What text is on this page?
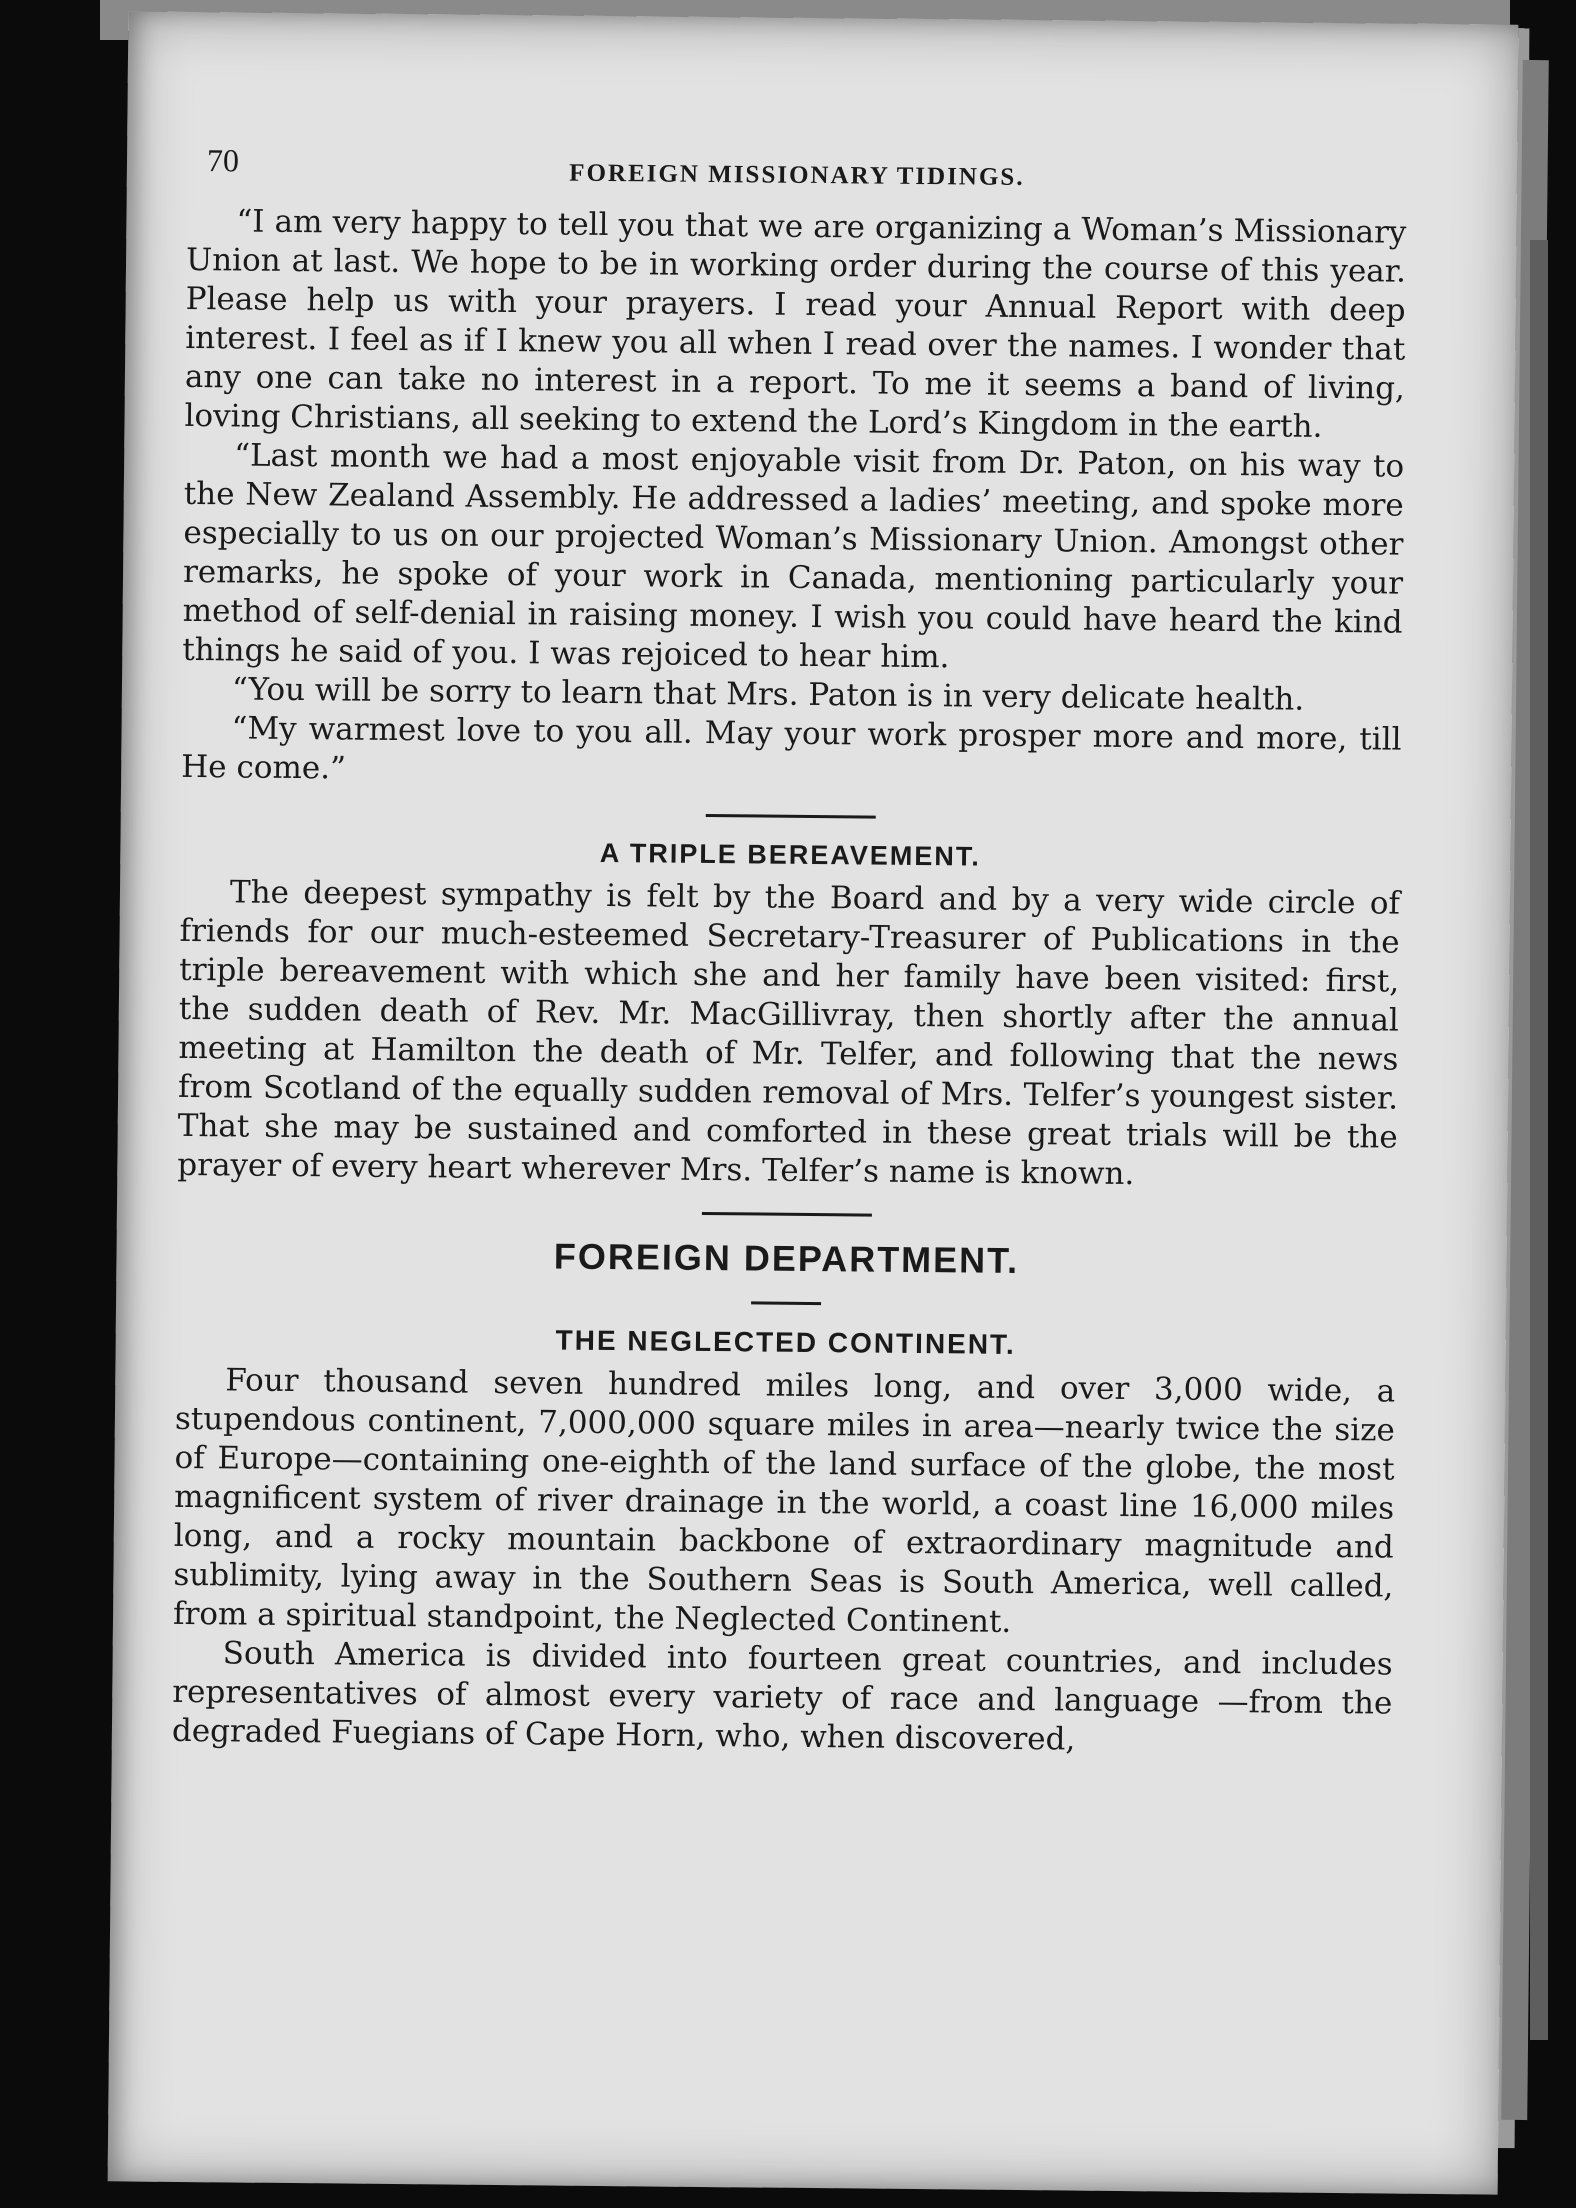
70	FOREIGN MISSIONARY TIDINGS.

“I am very happy to tell you that we are organizing a Woman’s Missionary Union at last. We hope to be in working order during the course of this year. Please help us with your prayers. I read your Annual Report with deep interest. I feel as if I knew you all when I read over the names. I wonder that any one can take no interest in a report. To me it seems a band of living, loving Christians, all seeking to extend the Lord’s Kingdom in the earth.

“Last month we had a most enjoyable visit from Dr. Paton, on his way to the New Zealand Assembly. He addressed a ladies’ meeting, and spoke more especially to us on our projected Woman’s Missionary Union. Amongst other remarks, he spoke of your work in Canada, mentioning particularly your method of self-denial in raising money. I wish you could have heard the kind things he said of you. I was rejoiced to hear him.

“You will be sorry to learn that Mrs. Paton is in very delicate health.

“My warmest love to you all. May your work prosper more and more, till He come.”

A TRIPLE BEREAVEMENT.

The deepest sympathy is felt by the Board and by a very wide circle of friends for our much-esteemed Secretary-Treasurer of Publications in the triple bereavement with which she and her family have been visited: first, the sudden death of Rev. Mr. MacGillivray, then shortly after the annual meeting at Hamilton the death of Mr. Telfer, and following that the news from Scotland of the equally sudden removal of Mrs. Telfer’s youngest sister. That she may be sustained and comforted in these great trials will be the prayer of every heart wherever Mrs. Telfer’s name is known.

FOREIGN DEPARTMENT.
THE NEGLECTED CONTINENT.

Four thousand seven hundred miles long, and over 3,000 wide, a stupendous continent, 7,000,000 square miles in area—nearly twice the size of Europe—containing one-eighth of the land surface of the globe, the most magnificent system of river drainage in the world, a coast line 16,000 miles long, and a rocky mountain backbone of extraordinary magnitude and sublimity, lying away in the Southern Seas is South America, well called, from a spiritual standpoint, the Neglected Continent.

South America is divided into fourteen great countries, and includes representatives of almost every variety of race and language —from the degraded Fuegians of Cape Horn, who, when discovered,
